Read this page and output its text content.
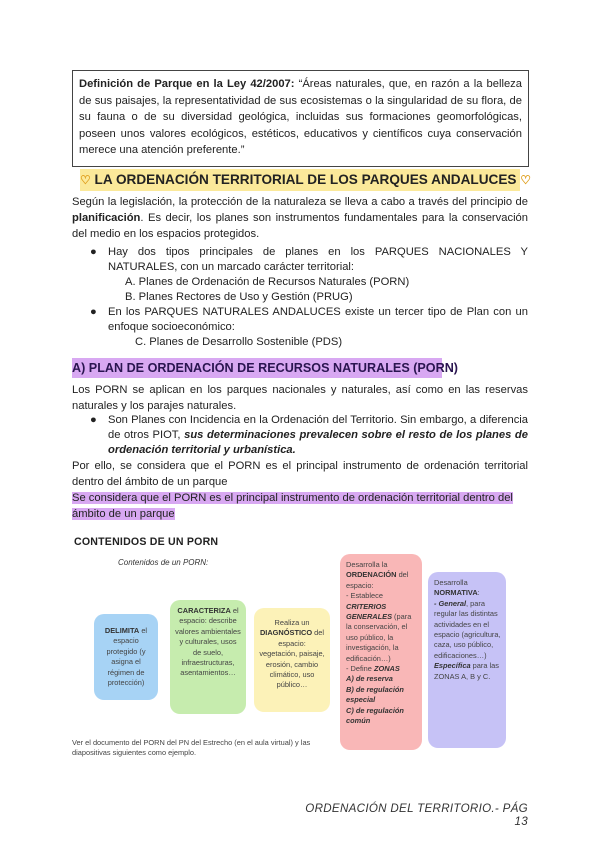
Definición de Parque en la Ley 42/2007: “Áreas naturales, que, en razón a la belleza de sus paisajes, la representatividad de sus ecosistemas o la singularidad de su flora, de su fauna o de su diversidad geológica, incluidas sus formaciones geomorfológicas, poseen unos valores ecológicos, estéticos, educativos y científicos cuya conservación merece una atención preferente.”
♡ LA ORDENACIÓN TERRITORIAL DE LOS PARQUES ANDALUCES ♡
Según la legislación, la protección de la naturaleza se lleva a cabo a través del principio de planificación. Es decir, los planes son instrumentos fundamentales para la conservación del medio en los espacios protegidos.
● Hay dos tipos principales de planes en los PARQUES NACIONALES Y NATURALES, con un marcado carácter territorial:
A. Planes de Ordenación de Recursos Naturales (PORN)
B. Planes Rectores de Uso y Gestión (PRUG)
● En los PARQUES NATURALES ANDALUCES existe un tercer tipo de Plan con un enfoque socioeconómico:
C. Planes de Desarrollo Sostenible (PDS)
A) PLAN DE ORDENACIÓN DE RECURSOS NATURALES (PORN)
Los PORN se aplican en los parques nacionales y naturales, así como en las reservas naturales y los parajes naturales.
● Son Planes con Incidencia en la Ordenación del Territorio. Sin embargo, a diferencia de otros PIOT, sus determinaciones prevalecen sobre el resto de los planes de ordenación territorial y urbanística.
Por ello, se considera que el PORN es el principal instrumento de ordenación territorial dentro del ámbito de un parque
Se considera que el PORN es el principal instrumento de ordenación territorial dentro del ámbito de un parque
CONTENIDOS DE UN PORN
Contenidos de un PORN:
DELIMITA el espacio protegido (y asigna el régimen de protección)
CARACTERIZA el espacio: describe valores ambientales y culturales, usos de suelo, infraestructuras, asentamientos…
Realiza un DIAGNÓSTICO del espacio: vegetación, paisaje, erosión, cambio climático, uso público…
Desarrolla la ORDENACIÓN del espacio:
- Establece CRITERIOS GENERALES (para la conservación, el uso público, la investigación, la edificación…)
- Define ZONAS
A) de reserva
B) de regulación especial
C) de regulación común
Desarrolla NORMATIVA:
- General, para regular las distintas actividades en el espacio (agricultura, caza, uso público, edificaciones…)
Específica para las ZONAS A, B y C.
Ver el documento del PORN del PN del Estrecho (en el aula virtual) y las diapositivas siguientes como ejemplo.
ORDENACIÓN DEL TERRITORIO.- PÁG 13
